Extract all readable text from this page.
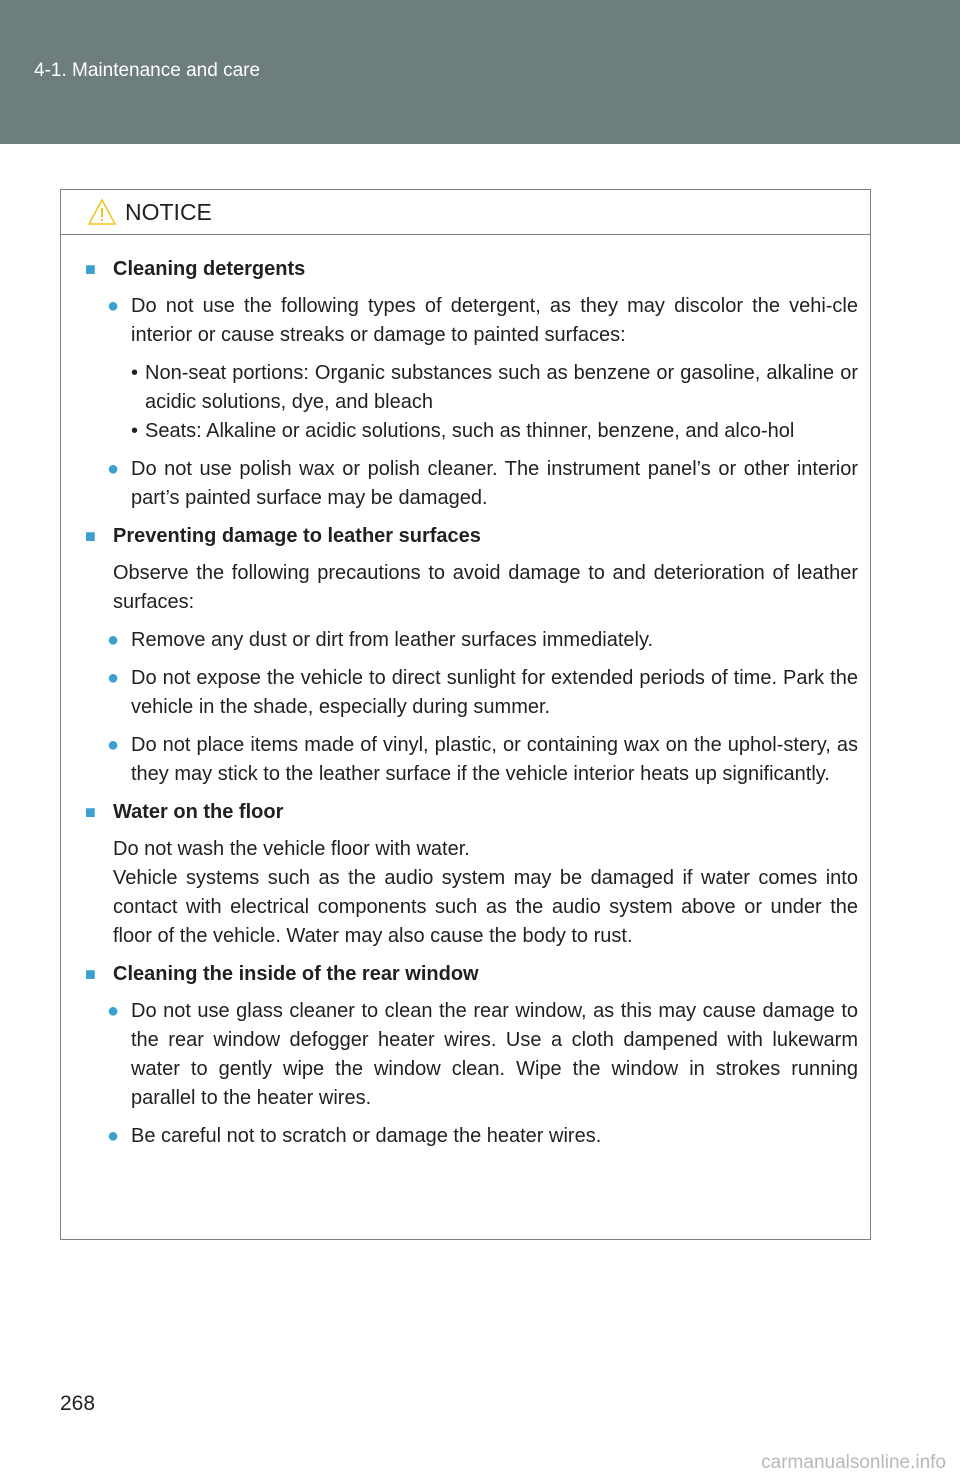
4-1. Maintenance and care
NOTICE
■ Cleaning detergents
● Do not use the following types of detergent, as they may discolor the vehi-cle interior or cause streaks or damage to painted surfaces:
• Non-seat portions: Organic substances such as benzene or gasoline, alkaline or acidic solutions, dye, and bleach
• Seats: Alkaline or acidic solutions, such as thinner, benzene, and alco-hol
● Do not use polish wax or polish cleaner. The instrument panel’s or other interior part’s painted surface may be damaged.
■ Preventing damage to leather surfaces
Observe the following precautions to avoid damage to and deterioration of leather surfaces:
● Remove any dust or dirt from leather surfaces immediately.
● Do not expose the vehicle to direct sunlight for extended periods of time. Park the vehicle in the shade, especially during summer.
● Do not place items made of vinyl, plastic, or containing wax on the uphol-stery, as they may stick to the leather surface if the vehicle interior heats up significantly.
■ Water on the floor
Do not wash the vehicle floor with water.
Vehicle systems such as the audio system may be damaged if water comes into contact with electrical components such as the audio system above or under the floor of the vehicle. Water may also cause the body to rust.
■ Cleaning the inside of the rear window
● Do not use glass cleaner to clean the rear window, as this may cause damage to the rear window defogger heater wires. Use a cloth dampened with lukewarm water to gently wipe the window clean. Wipe the window in strokes running parallel to the heater wires.
● Be careful not to scratch or damage the heater wires.
268
carmanualsonline.info
